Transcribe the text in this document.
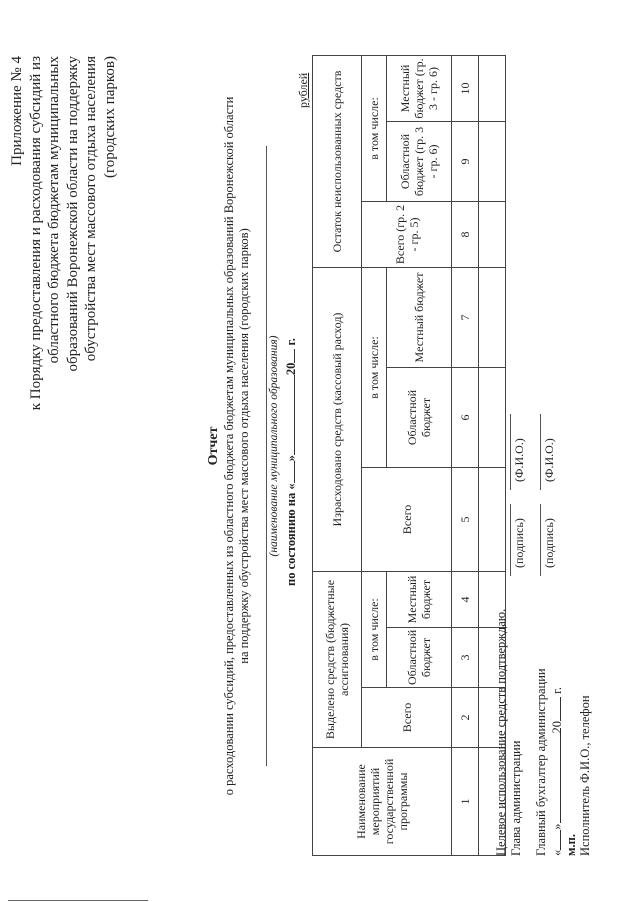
Приложение № 4 к Порядку предоставления и расходования субсидий из областного бюджета бюджетам муниципальных образований Воронежской области на поддержку обустройства мест массового отдыха населения (городских парков)
Отчет о расходовании субсидий, предоставленных из областного бюджета бюджетам муниципальных образований Воронежской области на поддержку обустройства мест массового отдыха населения (городских парков) (наименование муниципального образования) по состоянию на «»20 г.
рублей
Наименование мероприятий государственной программы	Выделено средств (бюджетные ассигнования)			Израсходовано средств (кассовый расход)			Остаток неиспользованных средств		
	Всего	в том числе:		Всего	в том числе:		Всего (гр. 2 - гр. 5)	в том числе:	
		Областной бюджет	Местный бюджет		Областной бюджет	Местный бюджет		Областной бюджет (гр. 3 - гр. 6)	Местный бюджет (гр. 3 - гр. 6)
1	2	3	4	5	6	7	8	9	10

Целевое использование средств подтверждаю. Глава администрации
(подпись)
(Ф.И.О.)
Главный бухгалтер администрации
(подпись)
(Ф.И.О.)
«»20 г.
м.п. Исполнитель Ф.И.О., телефон
